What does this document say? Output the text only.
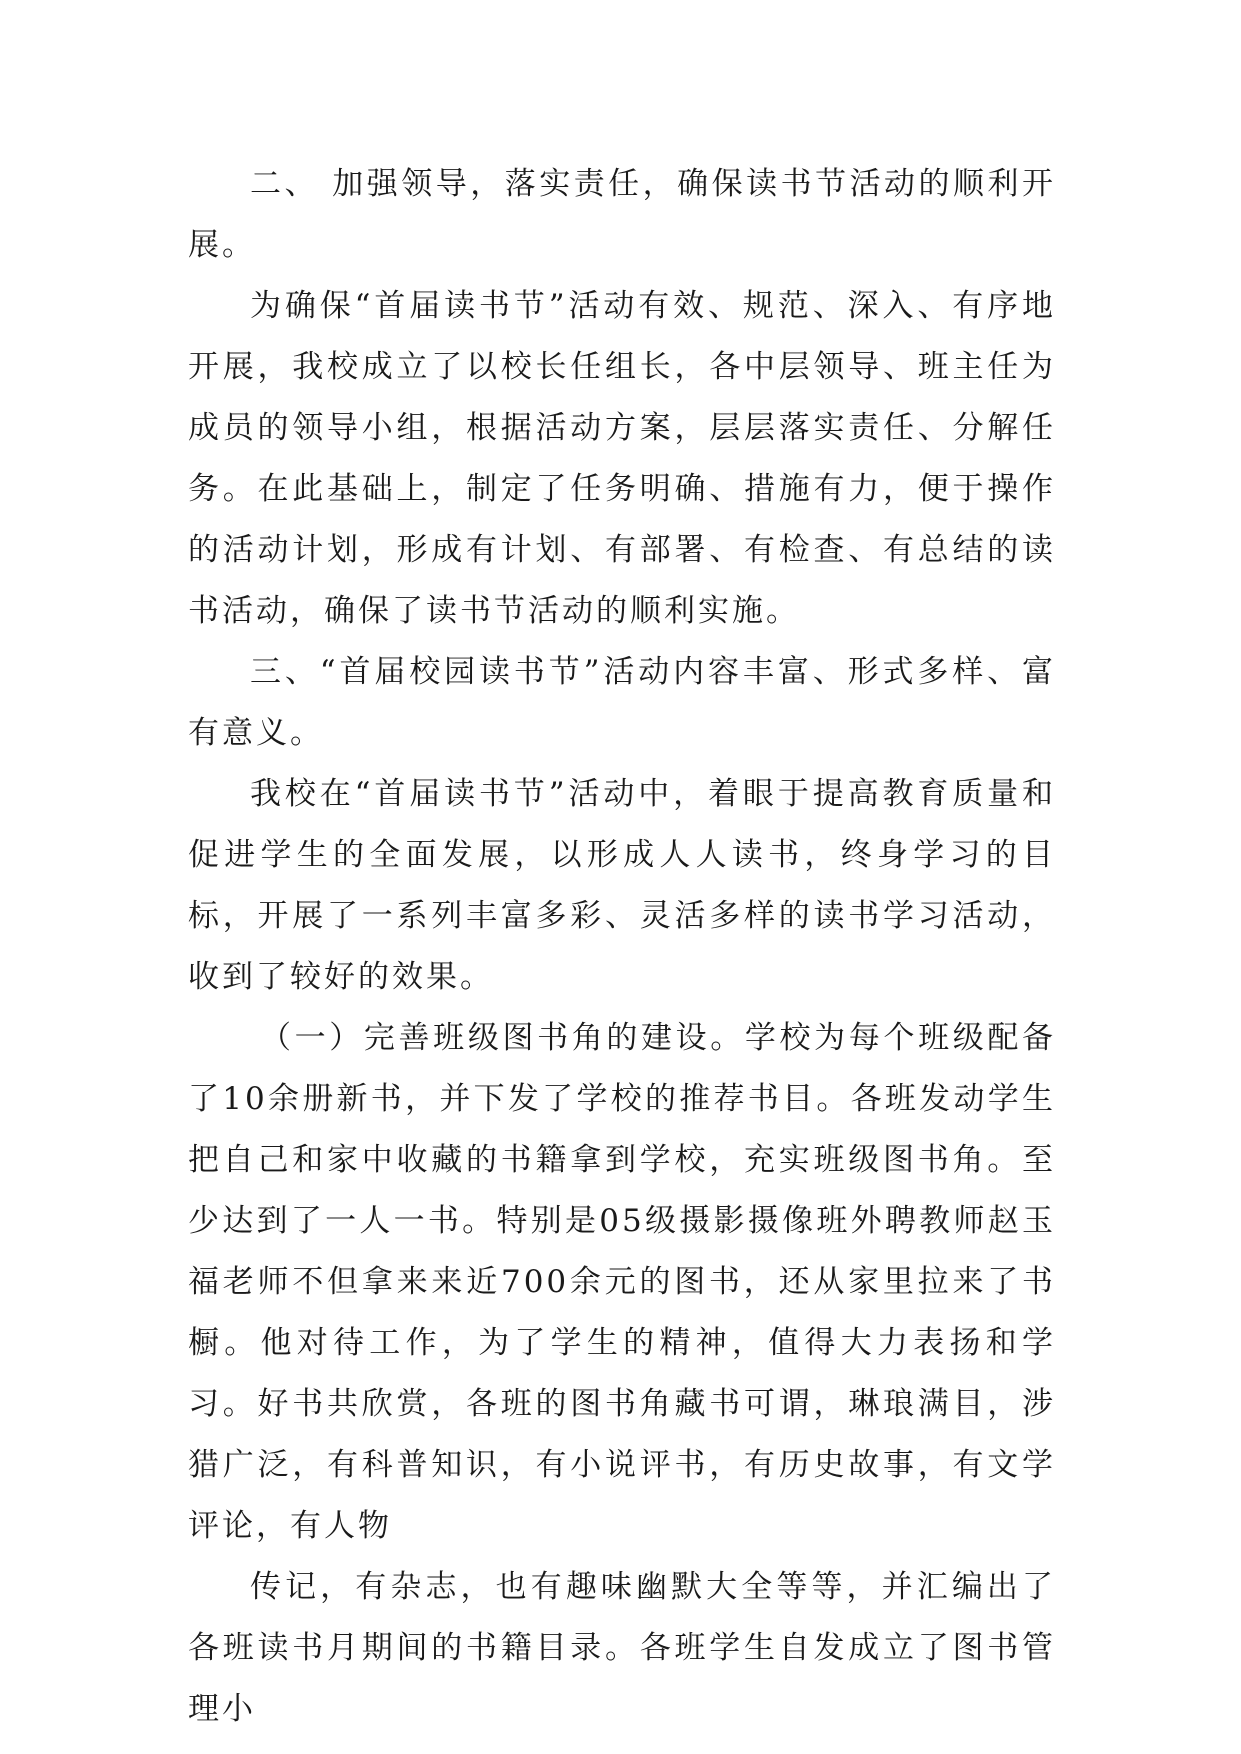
二、 加强领导，落实责任，确保读书节活动的顺利开展。

为确保“首届读书节”活动有效、规范、深入、有序地开展，我校成立了以校长任组长，各中层领导、班主任为成员的领导小组，根据活动方案，层层落实责任、分解任务。在此基础上，制定了任务明确、措施有力，便于操作的活动计划，形成有计划、有部署、有检查、有总结的读书活动，确保了读书节活动的顺利实施。

三、“首届校园读书节”活动内容丰富、形式多样、富有意义。

我校在“首届读书节”活动中，着眼于提高教育质量和促进学生的全面发展，以形成人人读书，终身学习的目标，开展了一系列丰富多彩、灵活多样的读书学习活动，收到了较好的效果。

（一）完善班级图书角的建设。学校为每个班级配备了10余册新书，并下发了学校的推荐书目。各班发动学生把自己和家中收藏的书籍拿到学校，充实班级图书角。至少达到了一人一书。特别是05级摄影摄像班外聘教师赵玉福老师不但拿来来近700余元的图书，还从家里拉来了书橱。他对待工作，为了学生的精神，值得大力表扬和学习。好书共欣赏，各班的图书角藏书可谓，琳琅满目，涉猎广泛，有科普知识，有小说评书，有历史故事，有文学评论，有人物

传记，有杂志，也有趣味幽默大全等等，并汇编出了各班读书月期间的书籍目录。各班学生自发成立了图书管理小
